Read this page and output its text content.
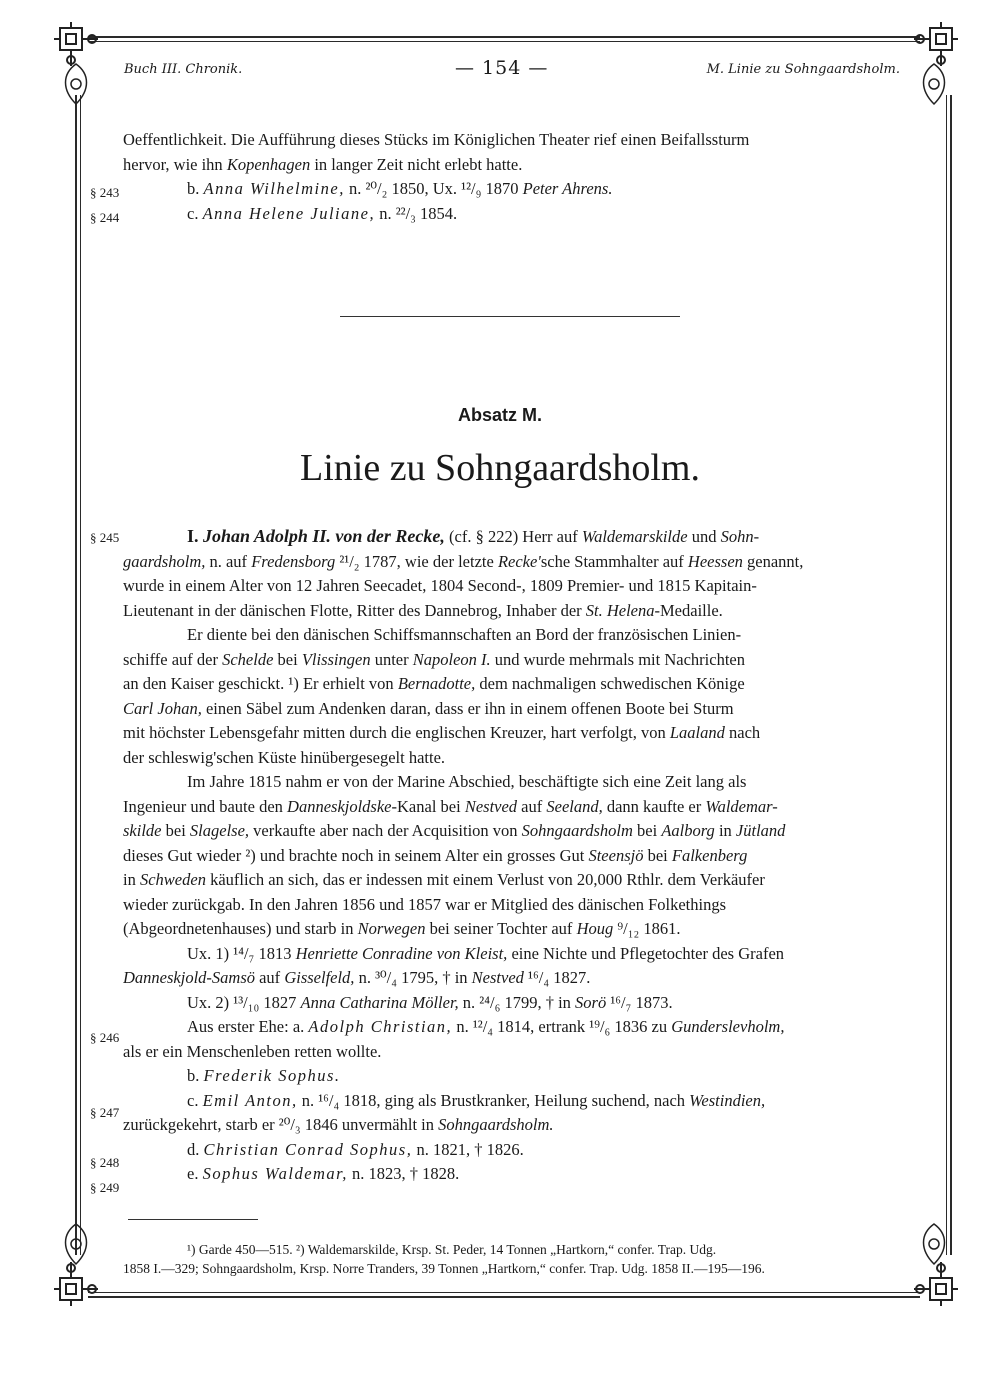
Buch III. Chronik.	— 154 —	M. Linie zu Sohngaardsholm.
Oeffentlichkeit. Die Aufführung dieses Stücks im Königlichen Theater rief einen Beifallssturm
hervor, wie ihn Kopenhagen in langer Zeit nicht erlebt hatte.
b. Anna Wilhelmine, n. ²⁰/₂ 1850, Ux. ¹²/₉ 1870 Peter Ahrens.
c. Anna Helene Juliane, n. ²²/₃ 1854.
§ 243
§ 244
Absatz M.
Linie zu Sohngaardsholm.
I. Johan Adolph II. von der Recke, (cf. § 222) Herr auf Waldemarskilde und Sohn-
gaardsholm, n. auf Fredensborg ²¹/₂ 1787, wie der letzte Recke'sche Stammhalter auf Heessen genannt,
wurde in einem Alter von 12 Jahren Seecadet, 1804 Second-, 1809 Premier- und 1815 Kapitain-
Lieutenant in der dänischen Flotte, Ritter des Dannebrog, Inhaber der St. Helena-Medaille.
Er diente bei den dänischen Schiffsmannschaften an Bord der französischen Linien-
schiffe auf der Schelde bei Vlissingen unter Napoleon I. und wurde mehrmals mit Nachrichten
an den Kaiser geschickt. ¹) Er erhielt von Bernadotte, dem nachmaligen schwedischen Könige
Carl Johan, einen Säbel zum Andenken daran, dass er ihn in einem offenen Boote bei Sturm
mit höchster Lebensgefahr mitten durch die englischen Kreuzer, hart verfolgt, von Laaland nach
der schleswig'schen Küste hinübergesegelt hatte.
Im Jahre 1815 nahm er von der Marine Abschied, beschäftigte sich eine Zeit lang als
Ingenieur und baute den Danneskjoldske-Kanal bei Nestved auf Seeland, dann kaufte er Waldemar-
skilde bei Slagelse, verkaufte aber nach der Acquisition von Sohngaardsholm bei Aalborg in Jütland
dieses Gut wieder ²) und brachte noch in seinem Alter ein grosses Gut Steensjö bei Falkenberg
in Schweden käuflich an sich, das er indessen mit einem Verlust von 20,000 Rthlr. dem Verkäufer
wieder zurückgab. In den Jahren 1856 und 1857 war er Mitglied des dänischen Folkethings
(Abgeordnetenhauses) und starb in Norwegen bei seiner Tochter auf Houg ⁹/₁₂ 1861.
Ux. 1) ¹⁴/₇ 1813 Henriette Conradine von Kleist, eine Nichte und Pflegetochter des Grafen
Danneskjold-Samsö auf Gisselfeld, n. ³⁰/₄ 1795, † in Nestved ¹⁶/₄ 1827.
Ux. 2) ¹³/₁₀ 1827 Anna Catharina Möller, n. ²⁴/₆ 1799, † in Sorö ¹⁶/₇ 1873.
Aus erster Ehe: a. Adolph Christian, n. ¹²/₄ 1814, ertrank ¹⁹/₆ 1836 zu Gunderslevholm,
als er ein Menschenleben retten wollte.
b. Frederik Sophus.
c. Emil Anton, n. ¹⁶/₄ 1818, ging als Brustkranker, Heilung suchend, nach Westindien,
zurückgekehrt, starb er ²⁰/₃ 1846 unvermählt in Sohngaardsholm.
d. Christian Conrad Sophus, n. 1821, † 1826.
e. Sophus Waldemar, n. 1823, † 1828.
§ 245
§ 246
§ 247
§ 248
§ 249
¹) Garde 450—515. ²) Waldemarskilde, Krsp. St. Peder, 14 Tonnen „Hartkorn,“ confer. Trap. Udg.
1858 I.—329; Sohngaardsholm, Krsp. Norre Tranders, 39 Tonnen „Hartkorn,“ confer. Trap. Udg. 1858 II.—195—196.
